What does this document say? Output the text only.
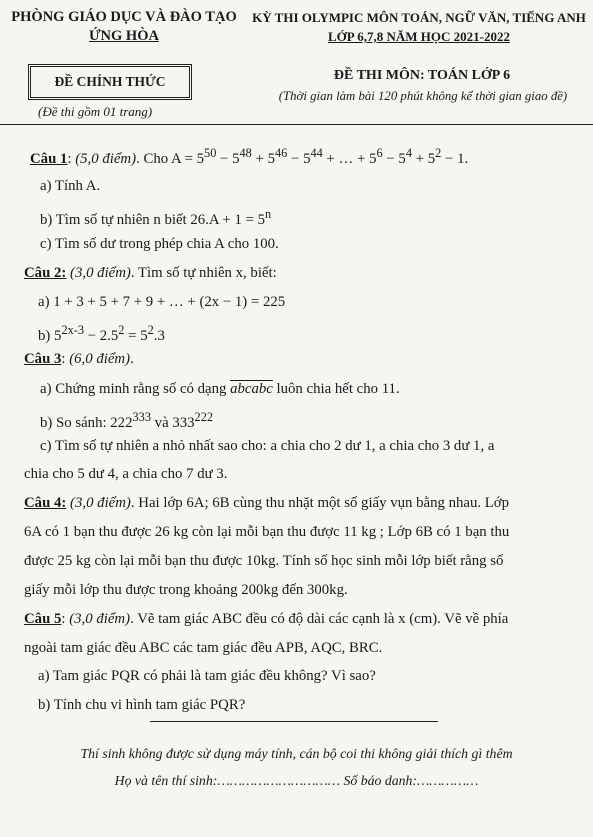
PHÒNG GIÁO DỤC VÀ ĐÀO TẠO
ỨNG HÒA
KỲ THI OLYMPIC MÔN TOÁN, NGỮ VĂN, TIẾNG ANH
LỚP 6,7,8 NĂM HỌC 2021-2022
ĐỀ CHÍNH THỨC
(Đề thi gồm 01 trang)
ĐỀ THI MÔN: TOÁN LỚP 6
(Thời gian làm bài 120 phút không kể thời gian giao đề)
Câu 1: (5,0 điểm). Cho $A = 5^{50} - 5^{48} + 5^{46} - 5^{44}$ + … + $5^6 - 5^4 + 5^2 - 1$.
a) Tính A.
b) Tìm số tự nhiên n biết $26.A + 1 = 5^n$
c) Tìm số dư trong phép chia A cho 100.
Câu 2: (3,0 điểm). Tìm số tự nhiên x, biết:
a) 1 + 3 + 5 + 7 + 9 + … + (2x − 1) = 225
b) $5^{2x-3} - 2.5^2 = 5^2.3$
Câu 3: (6,0 điểm).
a) Chứng minh rằng số có dạng abcabc luôn chia hết cho 11.
b) So sánh: $222^{333}$ và $333^{222}$
c) Tìm số tự nhiên a nhỏ nhất sao cho: a chia cho 2 dư 1, a chia cho 3 dư 1, a
chia cho 5 dư 4, a chia cho 7 dư 3.
Câu 4: (3,0 điểm). Hai lớp 6A; 6B cùng thu nhặt một số giấy vụn bằng nhau. Lớp
6A có 1 bạn thu được 26 kg còn lại mỗi bạn thu được 11 kg ; Lớp 6B có 1 bạn thu
được 25 kg còn lại mỗi bạn thu được 10kg. Tính số học sinh mỗi lớp biết rằng số
giấy mỗi lớp thu được trong khoảng 200kg đến 300kg.
Câu 5: (3,0 điểm). Vẽ tam giác ABC đều có độ dài các cạnh là x (cm). Vẽ về phía
ngoài tam giác đều ABC các tam giác đều APB, AQC, BRC.
a) Tam giác PQR có phải là tam giác đều không? Vì sao?
b) Tính chu vi hình tam giác PQR?
Thí sinh không được sử dụng máy tính, cán bộ coi thi không giải thích gì thêm
Họ và tên thí sinh:………………………… Số báo danh:……………
